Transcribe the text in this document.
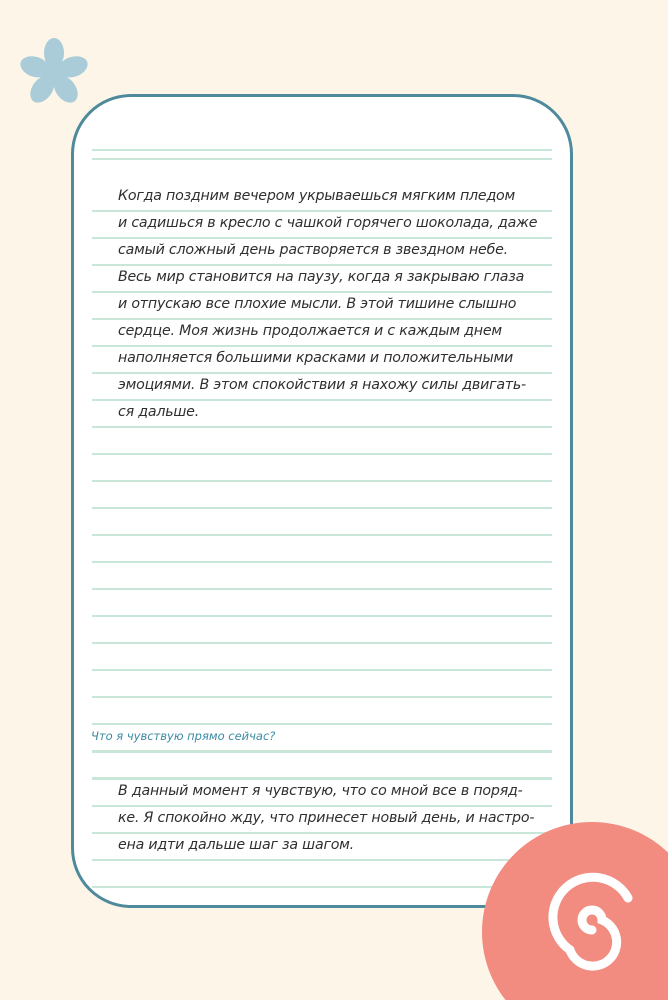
Когда поздним вечером укрываешься мягким пледом
и садишься в кресло с чашкой горячего шоколада, даже
самый сложный день растворяется в звездном небе.
Весь мир становится на паузу, когда я закрываю глаза
и отпускаю все плохие мысли. В этой тишине слышно
сердце. Моя жизнь продолжается и с каждым днем
наполняется большими красками и положительными
эмоциями. В этом спокойствии я нахожу силы двигать-
ся дальше.

Что я чувствую прямо сейчас?

В данный момент я чувствую, что со мной все в поряд-
ке. Я спокойно жду, что принесет новый день, и настро-
ена идти дальше шаг за шагом.
